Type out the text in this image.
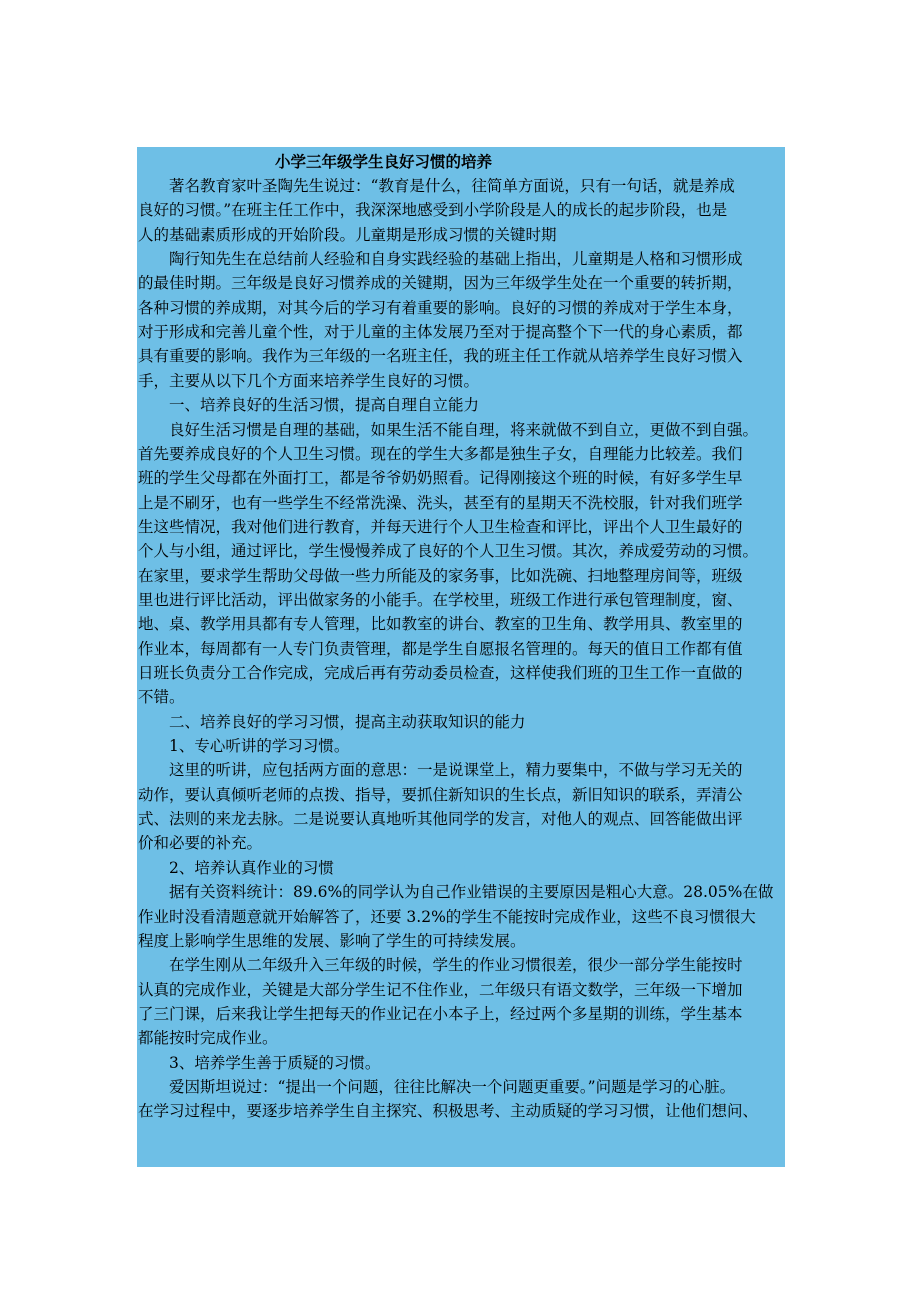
小学三年级学生良好习惯的培养
著名教育家叶圣陶先生说过：“教育是什么，往简单方面说，只有一句话，就是养成
良好的习惯。”在班主任工作中，我深深地感受到小学阶段是人的成长的起步阶段，也是
人的基础素质形成的开始阶段。儿童期是形成习惯的关键时期
陶行知先生在总结前人经验和自身实践经验的基础上指出，儿童期是人格和习惯形成
的最佳时期。三年级是良好习惯养成的关键期，因为三年级学生处在一个重要的转折期，
各种习惯的养成期，对其今后的学习有着重要的影响。良好的习惯的养成对于学生本身，
对于形成和完善儿童个性，对于儿童的主体发展乃至对于提高整个下一代的身心素质，都
具有重要的影响。我作为三年级的一名班主任，我的班主任工作就从培养学生良好习惯入
手，主要从以下几个方面来培养学生良好的习惯。
一、培养良好的生活习惯，提高自理自立能力
良好生活习惯是自理的基础，如果生活不能自理，将来就做不到自立，更做不到自强。
首先要养成良好的个人卫生习惯。现在的学生大多都是独生子女，自理能力比较差。我们
班的学生父母都在外面打工，都是爷爷奶奶照看。记得刚接这个班的时候，有好多学生早
上是不刷牙，也有一些学生不经常洗澡、洗头，甚至有的星期天不洗校服，针对我们班学
生这些情况，我对他们进行教育，并每天进行个人卫生检查和评比，评出个人卫生最好的
个人与小组，通过评比，学生慢慢养成了良好的个人卫生习惯。其次，养成爱劳动的习惯。
在家里，要求学生帮助父母做一些力所能及的家务事，比如洗碗、扫地整理房间等，班级
里也进行评比活动，评出做家务的小能手。在学校里，班级工作进行承包管理制度，窗、
地、桌、教学用具都有专人管理，比如教室的讲台、教室的卫生角、教学用具、教室里的
作业本，每周都有一人专门负责管理，都是学生自愿报名管理的。每天的值日工作都有值
日班长负责分工合作完成，完成后再有劳动委员检查，这样使我们班的卫生工作一直做的
不错。
二、培养良好的学习习惯，提高主动获取知识的能力
1、专心听讲的学习习惯。
这里的听讲，应包括两方面的意思：一是说课堂上，精力要集中，不做与学习无关的
动作，要认真倾听老师的点拨、指导，要抓住新知识的生长点，新旧知识的联系，弄清公
式、法则的来龙去脉。二是说要认真地听其他同学的发言，对他人的观点、回答能做出评
价和必要的补充。
2、培养认真作业的习惯
据有关资料统计：89.6%的同学认为自己作业错误的主要原因是粗心大意。28.05%在做
作业时没看清题意就开始解答了，还要 3.2%的学生不能按时完成作业，这些不良习惯很大
程度上影响学生思维的发展、影响了学生的可持续发展。
在学生刚从二年级升入三年级的时候，学生的作业习惯很差，很少一部分学生能按时
认真的完成作业，关键是大部分学生记不住作业，二年级只有语文数学，三年级一下增加
了三门课，后来我让学生把每天的作业记在小本子上，经过两个多星期的训练，学生基本
都能按时完成作业。
3、培养学生善于质疑的习惯。
爱因斯坦说过：“提出一个问题，往往比解决一个问题更重要。”问题是学习的心脏。
在学习过程中，要逐步培养学生自主探究、积极思考、主动质疑的学习习惯，让他们想问、
